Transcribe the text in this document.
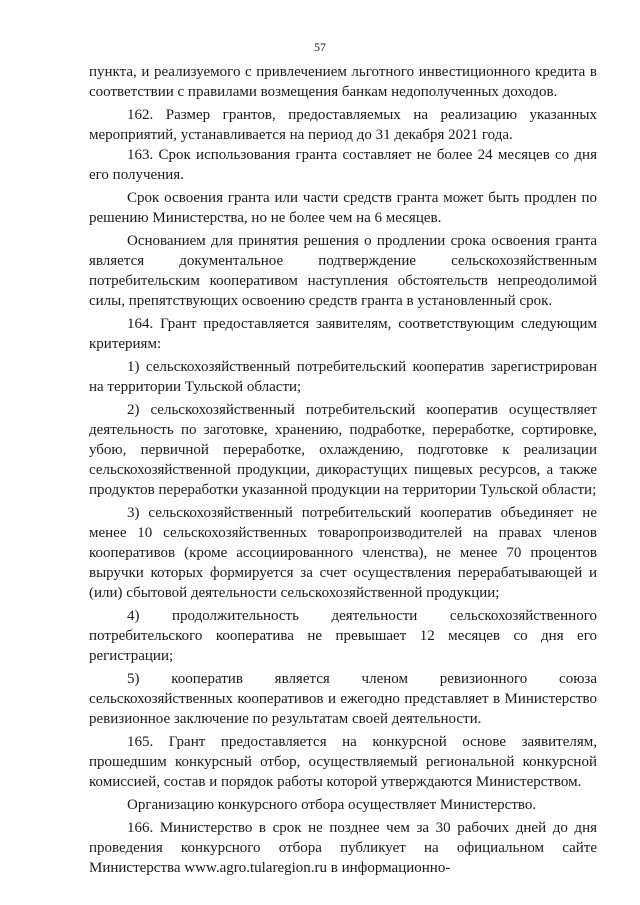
57

пункта, и реализуемого с привлечением льготного инвестиционного кредита в соответствии с правилами возмещения банкам недополученных доходов.

162. Размер грантов, предоставляемых на реализацию указанных мероприятий, устанавливается на период до 31 декабря 2021 года.

163. Срок использования гранта составляет не более 24 месяцев со дня его получения.

Срок освоения гранта или части средств гранта может быть продлен по решению Министерства, но не более чем на 6 месяцев.

Основанием для принятия решения о продлении срока освоения гранта является документальное подтверждение сельскохозяйственным потребительским кооперативом наступления обстоятельств непреодолимой силы, препятствующих освоению средств гранта в установленный срок.

164. Грант предоставляется заявителям, соответствующим следующим критериям:

1) сельскохозяйственный потребительский кооператив зарегистрирован на территории Тульской области;

2) сельскохозяйственный потребительский кооператив осуществляет деятельность по заготовке, хранению, подработке, переработке, сортировке, убою, первичной переработке, охлаждению, подготовке к реализации сельскохозяйственной продукции, дикорастущих пищевых ресурсов, а также продуктов переработки указанной продукции на территории Тульской области;

3) сельскохозяйственный потребительский кооператив объединяет не менее 10 сельскохозяйственных товаропроизводителей на правах членов кооперативов (кроме ассоциированного членства), не менее 70 процентов выручки которых формируется за счет осуществления перерабатывающей и (или) сбытовой деятельности сельскохозяйственной продукции;

4) продолжительность деятельности сельскохозяйственного потребительского кооператива не превышает 12 месяцев со дня его регистрации;

5) кооператив является членом ревизионного союза сельскохозяйственных кооперативов и ежегодно представляет в Министерство ревизионное заключение по результатам своей деятельности.

165. Грант предоставляется на конкурсной основе заявителям, прошедшим конкурсный отбор, осуществляемый региональной конкурсной комиссией, состав и порядок работы которой утверждаются Министерством.

Организацию конкурсного отбора осуществляет Министерство.

166. Министерство в срок не позднее чем за 30 рабочих дней до дня проведения конкурсного отбора публикует на официальном сайте Министерства www.agro.tularegion.ru в информационно-
